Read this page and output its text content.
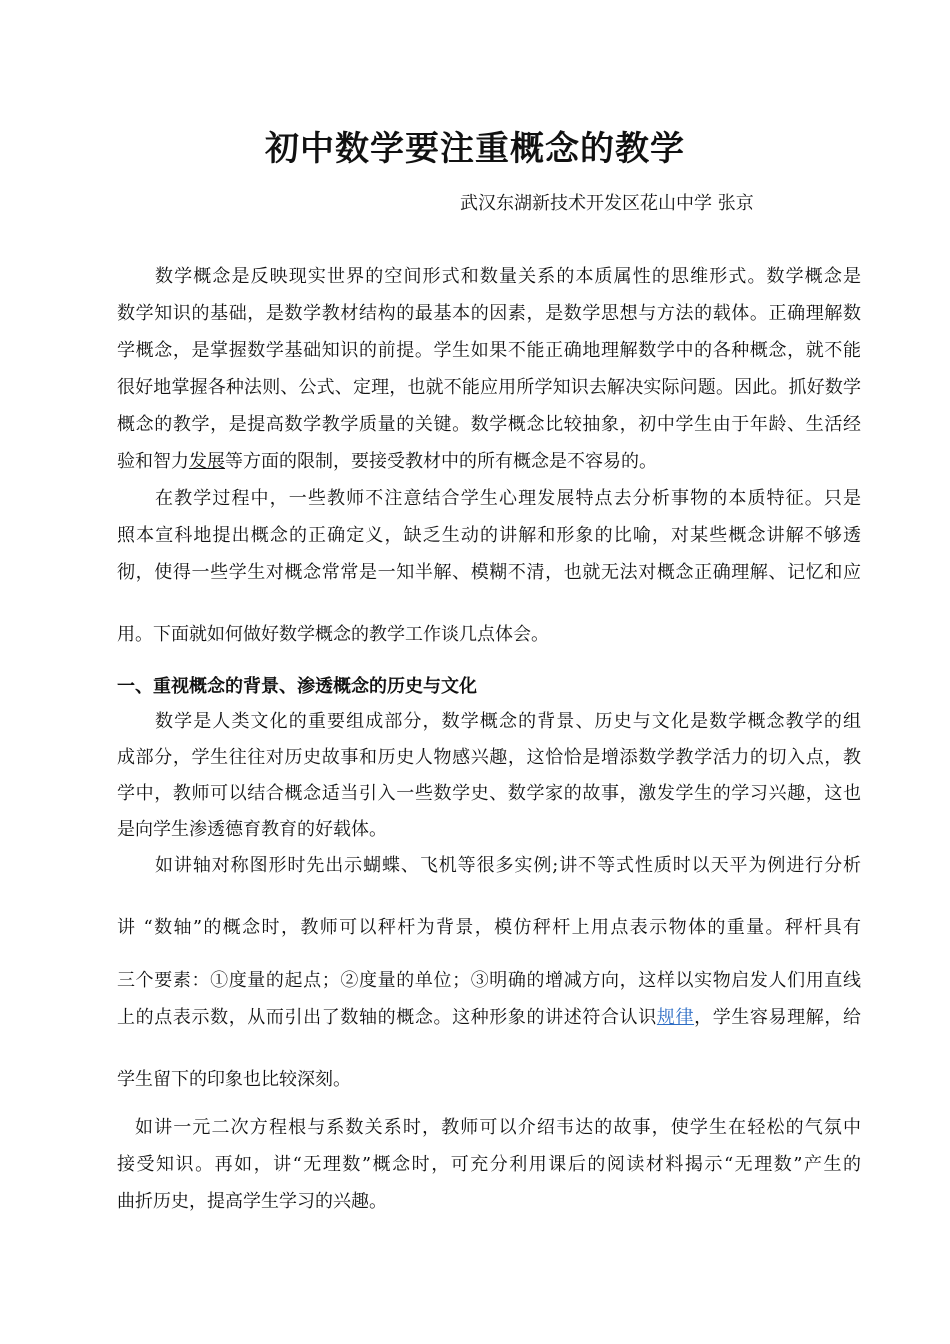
初中数学要注重概念的教学
武汉东湖新技术开发区花山中学 张京

数学概念是反映现实世界的空间形式和数量关系的本质属性的思维形式。数学概念是

数学知识的基础，是数学教材结构的最基本的因素，是数学思想与方法的载体。正确理解数

学概念，是掌握数学基础知识的前提。学生如果不能正确地理解数学中的各种概念，就不能

很好地掌握各种法则、公式、定理，也就不能应用所学知识去解决实际问题。因此。抓好数学

概念的教学，是提高数学教学质量的关键。数学概念比较抽象，初中学生由于年龄、生活经

验和智力发展等方面的限制，要接受教材中的所有概念是不容易的。

在教学过程中，一些教师不注意结合学生心理发展特点去分析事物的本质特征。只是

照本宣科地提出概念的正确定义，缺乏生动的讲解和形象的比喻，对某些概念讲解不够透

彻，使得一些学生对概念常常是一知半解、模糊不清，也就无法对概念正确理解、记忆和应

用。下面就如何做好数学概念的教学工作谈几点体会。

一、重视概念的背景、渗透概念的历史与文化

数学是人类文化的重要组成部分，数学概念的背景、历史与文化是数学概念教学的组

成部分，学生往往对历史故事和历史人物感兴趣，这恰恰是增添数学教学活力的切入点，教

学中，教师可以结合概念适当引入一些数学史、数学家的故事，激发学生的学习兴趣，这也

是向学生渗透德育教育的好载体。

如讲轴对称图形时先出示蝴蝶、飞机等很多实例;讲不等式性质时以天平为例进行分析

讲 “数轴”的概念时，教师可以秤杆为背景，模仿秤杆上用点表示物体的重量。秤杆具有

三个要素：①度量的起点；②度量的单位；③明确的增减方向，这样以实物启发人们用直线

上的点表示数，从而引出了数轴的概念。这种形象的讲述符合认识规律，学生容易理解，给

学生留下的印象也比较深刻。

如讲一元二次方程根与系数关系时，教师可以介绍韦达的故事，使学生在轻松的气氛中

接受知识。再如，讲“无理数”概念时，可充分利用课后的阅读材料揭示“无理数”产生的

曲折历史，提高学生学习的兴趣。
